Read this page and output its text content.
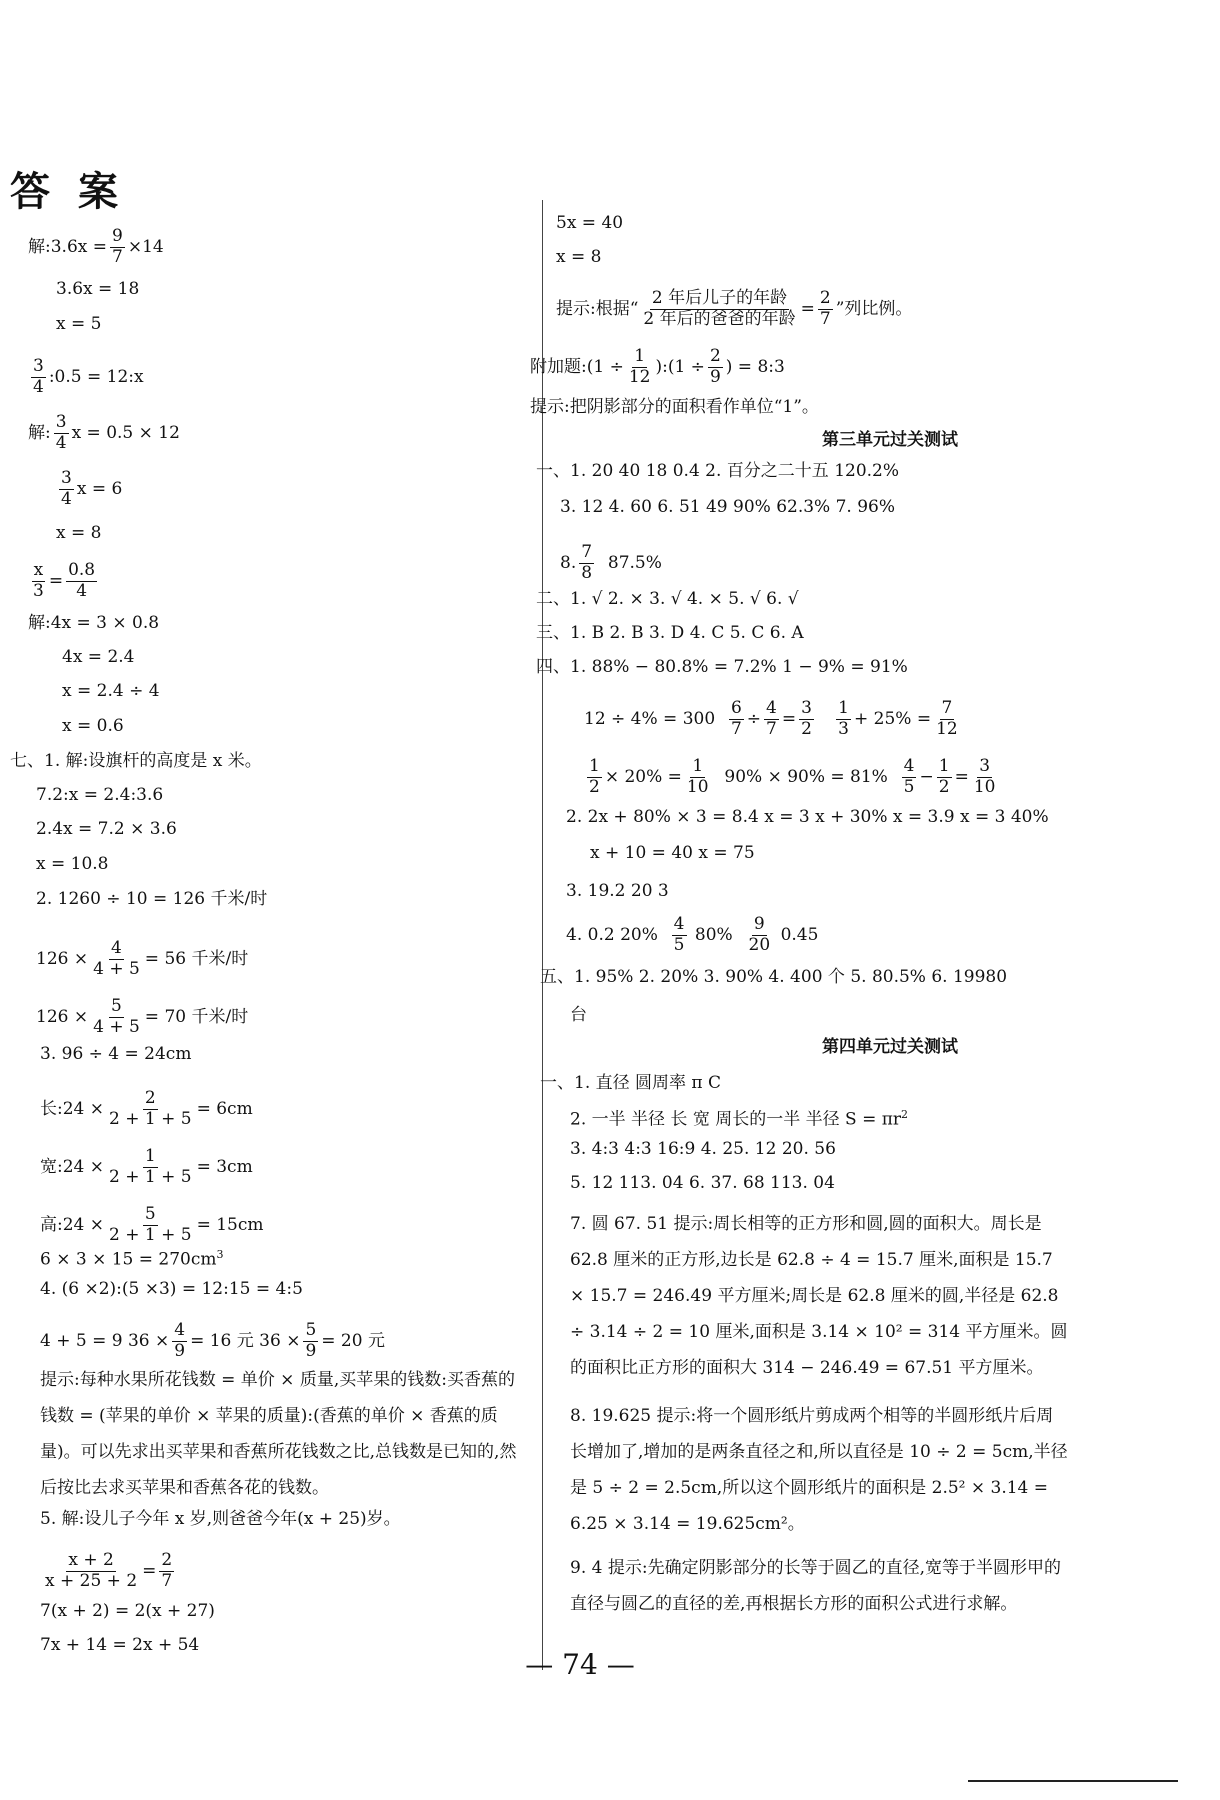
答案
解:3.6x = $\frac{9}{7} \times 14$
3.6x = 18
x = 5
$\frac{3}{4}$ :0.5 = 12:x
解: $\frac{3}{4}$ x = 0.5 × 12
$\frac{3}{4}$ x = 6
x = 8
$\frac{x}{3} = \frac{0.8}{4}$
解:4x = 3 × 0.8
4x = 2.4
x = 2.4 ÷ 4
x = 0.6
七、1. 解:设旗杆的高度是 x 米。
7.2:x = 2.4:3.6
2.4x = 7.2 × 3.6
x = 10.8
2. 1260 ÷ 10 = 126 千米/时
$126 \times \frac{4}{4 + 5} = 56$ 千米/时
$126 \times \frac{5}{4 + 5} = 70$ 千米/时
3. 96 ÷ 4 = 24cm
长:24 × $\frac{2}{2 + 1 + 5} = 6cm$
宽:24 × $\frac{1}{2 + 1 + 5} = 3cm$
高:24 × $\frac{5}{2 + 1 + 5} = 15cm$
$6 \times 3 \times 15 = 270cm^3$
4. (6 ×2):(5 ×3) = 12:15 = 4:5
4 + 5 = 9 $36 \times \frac{4}{9} = 16$ 元 $36 \times \frac{5}{9} = 20$ 元
提示:每种水果所花钱数 = 单价 × 质量,买苹果的钱数:买香蕉的钱数 = (苹果的单价 × 苹果的质量):(香蕉的单价 × 香蕉的质量)。可以先求出买苹果和香蕉所花钱数之比,总钱数是已知的,然后按比去求买苹果和香蕉各花的钱数。
5. 解:设儿子今年 x 岁,则爸爸今年(x + 25)岁。
$\frac{x + 2}{x + 25 + 2} = \frac{2}{7}$
7(x + 2) = 2(x + 27)
7x + 14 = 2x + 54
5x = 40
x = 8
提示:根据“ $\frac{\text{2 年后儿子的年龄}}{\text{2 年后的爸爸的年龄}} = \frac{2}{7}$ ”列比例。
附加题:(1 ÷ $\frac{1}{12}$ ):(1 ÷ $\frac{2}{9}$ ) = 8:3
提示:把阴影部分的面积看作单位“1”。
第三单元过关测试
一、1. 20 40 18 0.4 2. 百分之二十五 120.2%
3. 12 4. 60 6. 51 49 90% 62.3% 7. 96%
8. $\frac{7}{8} 87.5\%$
二、1. √ 2. × 3. √ 4. × 5. √ 6. √
三、1. B 2. B 3. D 4. C 5. C 6. A
四、1. 88% − 80.8% = 7.2% 1 − 9% = 91%
$12 \div 4\% = 300 \frac{6}{7} \div \frac{4}{7} = \frac{3}{2}$
$\frac{1}{3} + 25\% = \frac{7}{12}$
$\frac{1}{2} \times 20\% = \frac{1}{10} 90\% \times 90\% = 81\% \frac{4}{5} - \frac{1}{2} = \frac{3}{10}$
2. 2x + 80% × 3 = 8.4 x = 3 x + 30% x = 3.9 x = 3 40%
x + 10 = 40 x = 75
3. 19.2 20 3
4. 0.2 $20\% \frac{4}{5} 80\% \frac{9}{20} 0.45$
五、1. 95% 2. 20% 3. 90% 4. 400 个 5. 80.5% 6. 19980
台
第四单元过关测试
一、1. 直径 圆周率 π C
2. 一半 半径 长 宽 周长的一半 半径 $S = \pi r^2$
3. 4:3 4:3 16:9 4. 25. 12 20. 56
5. 12 113. 04 6. 37. 68 113. 04
7. 圆 67. 51 提示:周长相等的正方形和圆,圆的面积大。周长是 62.8 厘米的正方形,边长是 62.8 ÷ 4 = 15.7 厘米,面积是 15.7 × 15.7 = 246.49 平方厘米;周长是 62.8 厘米的圆,半径是 62.8 ÷ 3.14 ÷ 2 = 10 厘米,面积是 3.14 × 10² = 314 平方厘米。圆的面积比正方形的面积大 314 − 246.49 = 67.51 平方厘米。
8. 19.625 提示:将一个圆形纸片剪成两个相等的半圆形纸片后周长增加了,增加的是两条直径之和,所以直径是 10 ÷ 2 = 5cm,半径是 5 ÷ 2 = 2.5cm,所以这个圆形纸片的面积是 2.5² × 3.14 = 6.25 × 3.14 = 19.625cm²。
9. 4 提示:先确定阴影部分的长等于圆乙的直径,宽等于半圆形甲的直径与圆乙的直径的差,再根据长方形的面积公式进行求解。
— 74 —
